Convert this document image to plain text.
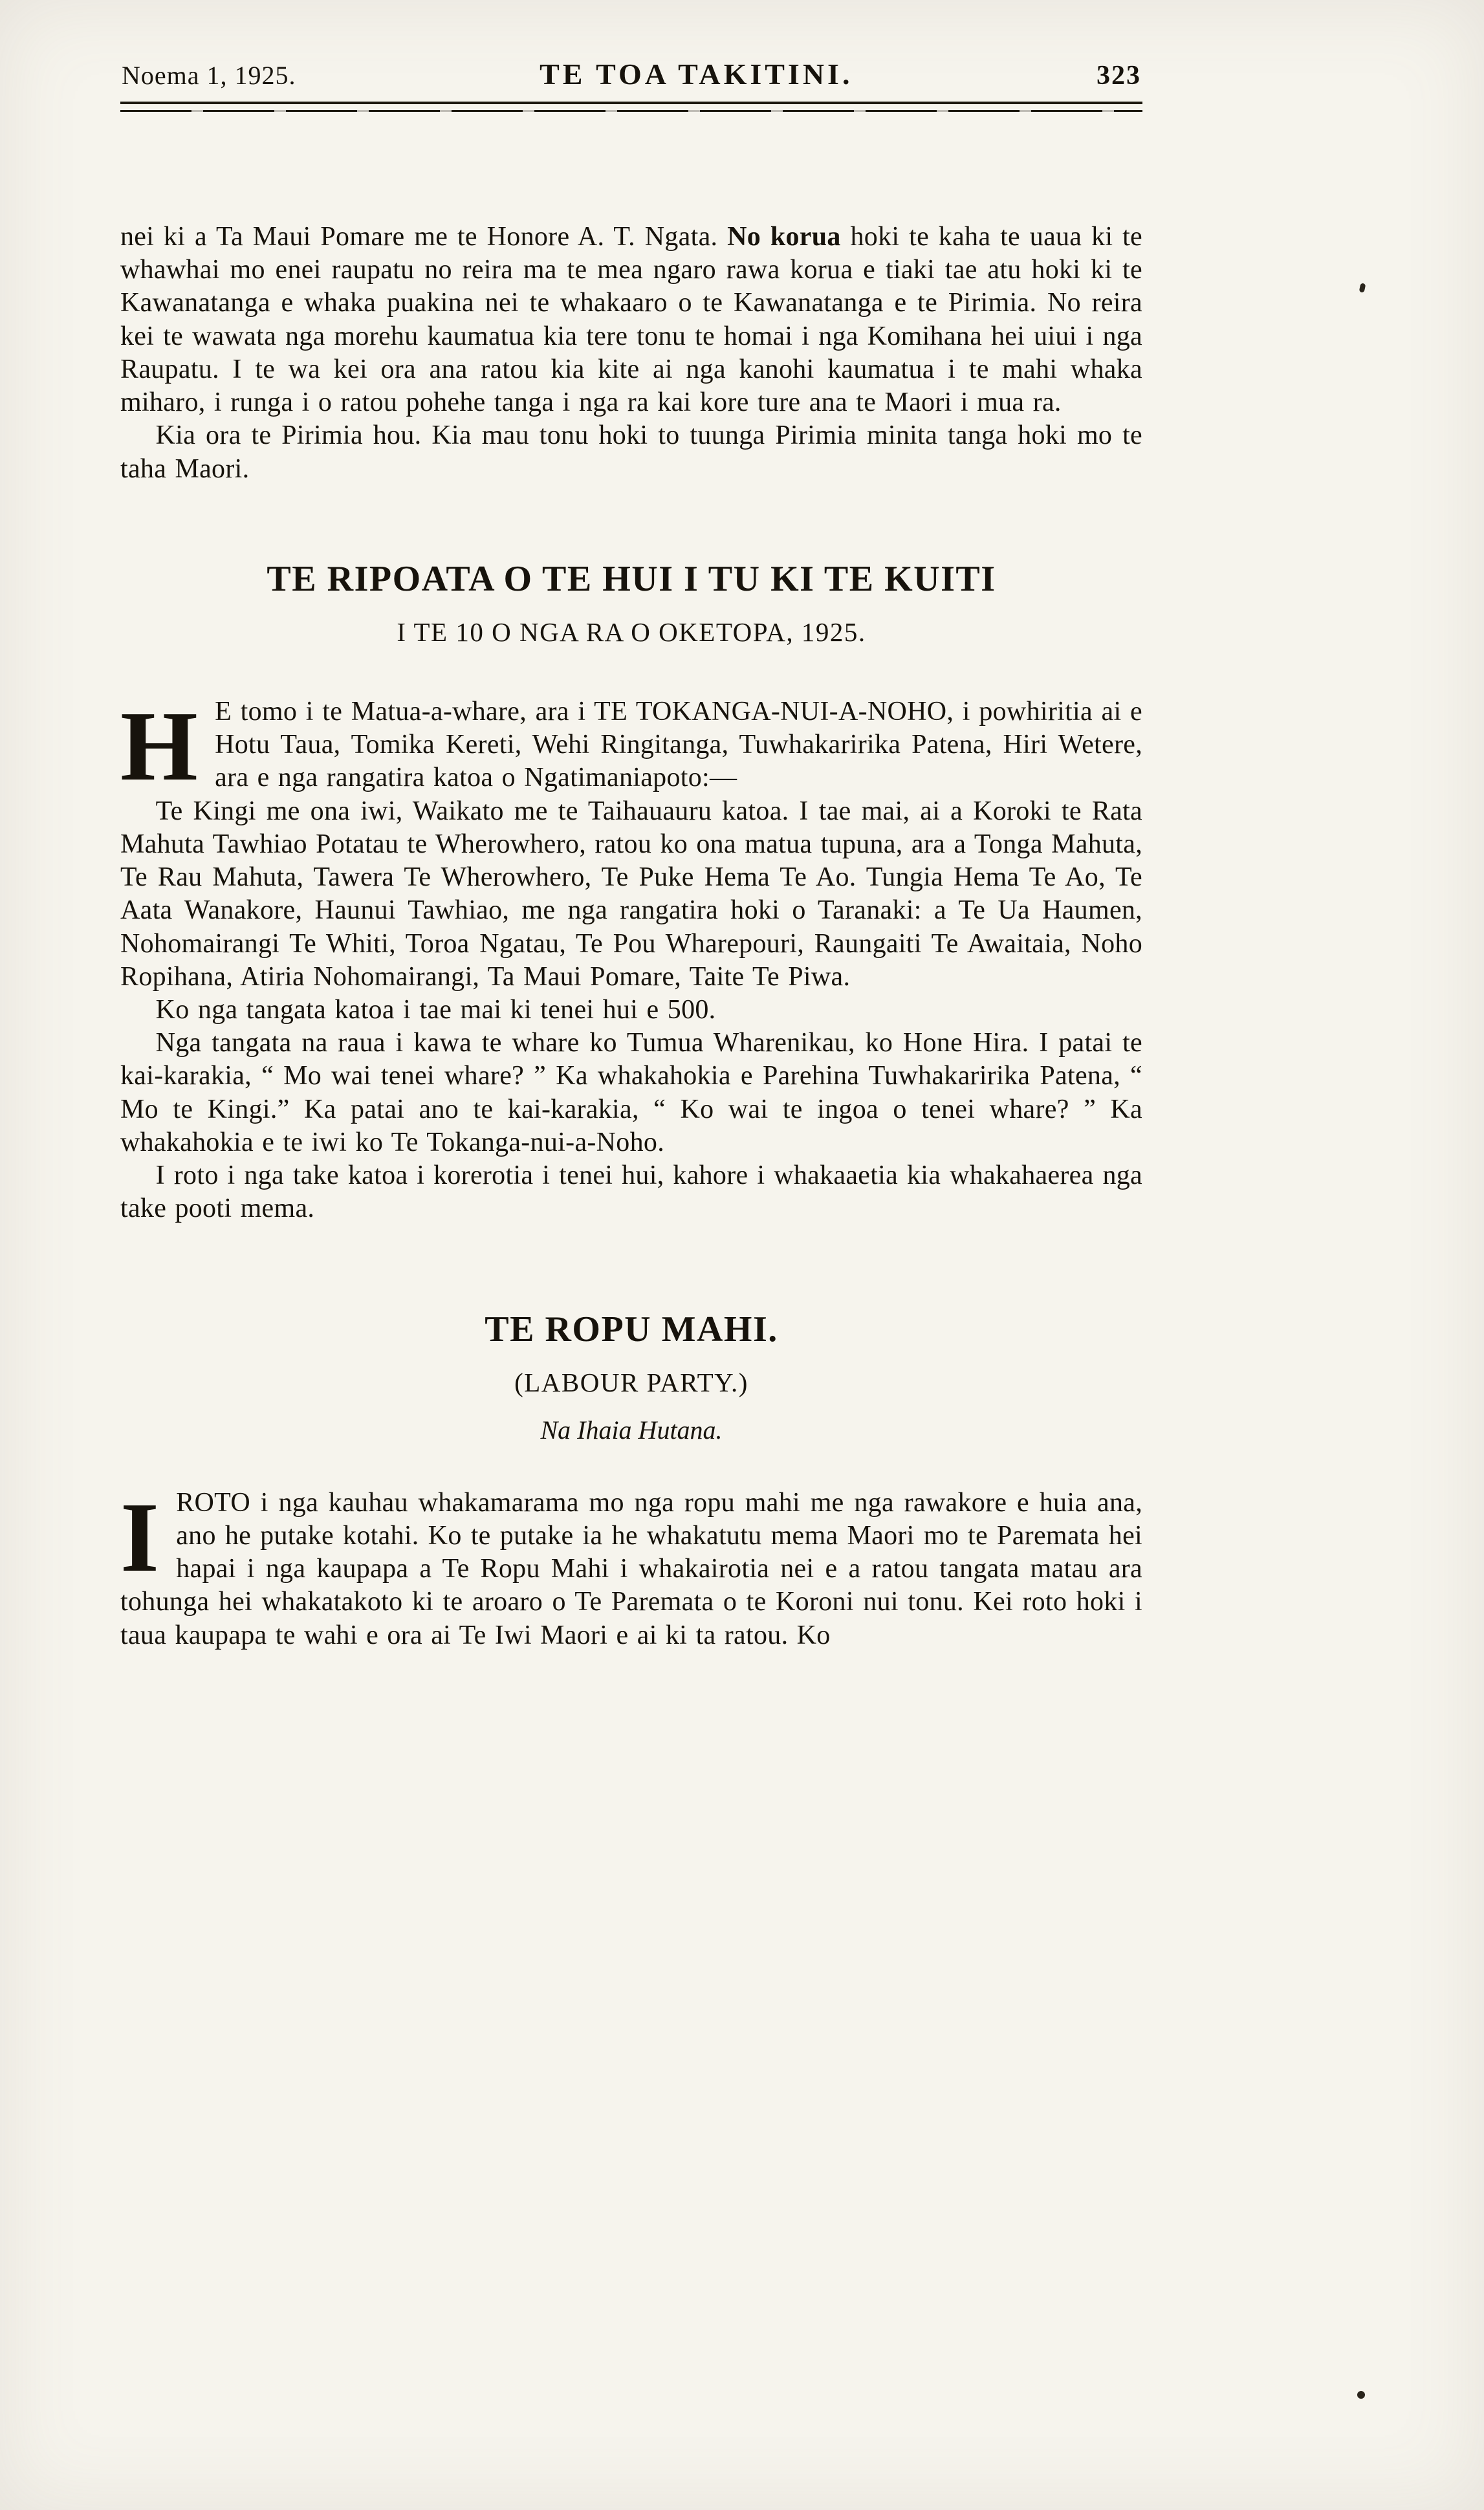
Noema 1, 1925.	TE TOA TAKITINI.	323

nei ki a Ta Maui Pomare me te Honore A. T. Ngata. No korua hoki te kaha te uaua ki te whawhai mo enei raupatu no reira ma te mea ngaro rawa korua e tiaki tae atu hoki ki te Kawanatanga e whaka puakina nei te whakaaro o te Kawanatanga e te Pirimia. No reira kei te wawata nga morehu kaumatua kia tere tonu te homai i nga Komihana hei uiui i nga Raupatu. I te wa kei ora ana ratou kia kite ai nga kanohi kaumatua i te mahi whaka miharo, i runga i o ratou pohehe tanga i nga ra kai kore ture ana te Maori i mua ra.

Kia ora te Pirimia hou. Kia mau tonu hoki to tuunga Pirimia minita tanga hoki mo te taha Maori.

TE RIPOATA O TE HUI I TU KI TE KUITI
I TE 10 O NGA RA O OKETOPA, 1925.

H E tomo i te Matua-a-whare, ara i TE TOKANGA-NUI-A-NOHO, i powhiritia ai e Hotu Taua, Tomika Kereti, Wehi Ringitanga, Tuwhakaririka Patena, Hiri Wetere, ara e nga rangatira katoa o Ngatimaniapoto:—

Te Kingi me ona iwi, Waikato me te Taihauauru katoa. I tae mai, ai a Koroki te Rata Mahuta Tawhiao Potatau te Wherowhero, ratou ko ona matua tupuna, ara a Tonga Mahuta, Te Rau Mahuta, Tawera Te Wherowhero, Te Puke Hema Te Ao. Tungia Hema Te Ao, Te Aata Wanakore, Haunui Tawhiao, me nga rangatira hoki o Taranaki: a Te Ua Haumen, Nohomairangi Te Whiti, Toroa Ngatau, Te Pou Wharepouri, Raungaiti Te Awaitaia, Noho Ropihana, Atiria Nohomairangi, Ta Maui Pomare, Taite Te Piwa.

Ko nga tangata katoa i tae mai ki tenei hui e 500.

Nga tangata na raua i kawa te whare ko Tumua Wharenikau, ko Hone Hira. I patai te kai-karakia, “ Mo wai tenei whare? ” Ka whakahokia e Parehina Tuwhakaririka Patena, “ Mo te Kingi.” Ka patai ano te kai-karakia, “ Ko wai te ingoa o tenei whare? ” Ka whakahokia e te iwi ko Te Tokanga-nui-a-Noho.

I roto i nga take katoa i korerotia i tenei hui, kahore i whakaaetia kia whakahaerea nga take pooti mema.

TE ROPU MAHI.
(LABOUR PARTY.)
Na Ihaia Hutana.

IROTO i nga kauhau whakamarama mo nga ropu mahi me nga rawakore e huia ana, ano he putake kotahi. Ko te putake ia he whakatutu mema Maori mo te Paremata hei hapai i nga kaupapa a Te Ropu Mahi i whakairotia nei e a ratou tangata matau ara tohunga hei whakatakoto ki te aroaro o Te Paremata o te Koroni nui tonu. Kei roto hoki i taua kaupapa te wahi e ora ai Te Iwi Maori e ai ki ta ratou. Ko
